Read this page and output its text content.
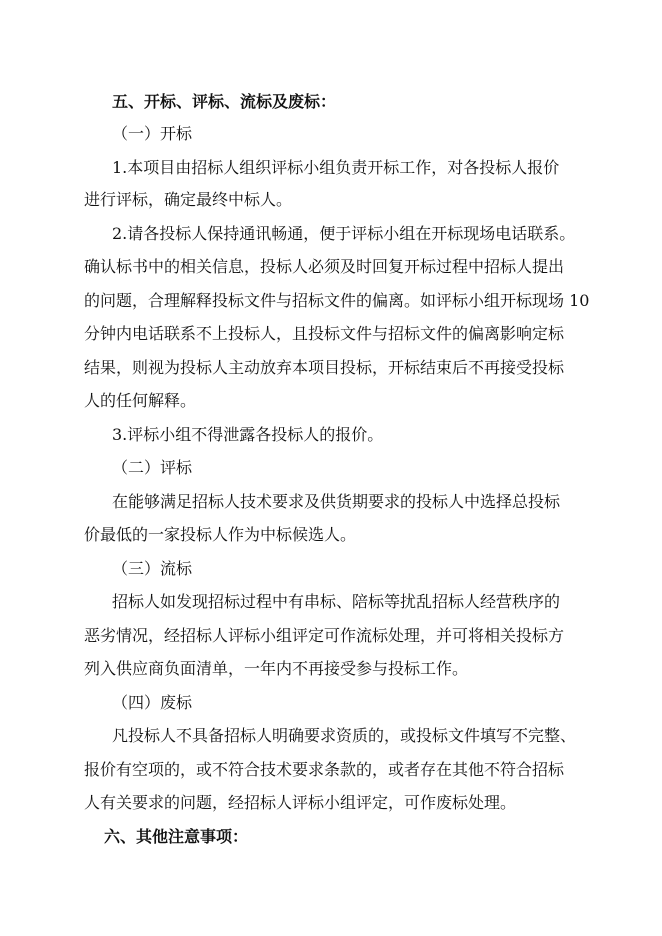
五、开标、评标、流标及废标：
（一）开标
1.本项目由招标人组织评标小组负责开标工作，对各投标人报价
进行评标，确定最终中标人。
2.请各投标人保持通讯畅通，便于评标小组在开标现场电话联系。
确认标书中的相关信息，投标人必须及时回复开标过程中招标人提出
的问题，合理解释投标文件与招标文件的偏离。如评标小组开标现场 10
分钟内电话联系不上投标人，且投标文件与招标文件的偏离影响定标
结果，则视为投标人主动放弃本项目投标，开标结束后不再接受投标
人的任何解释。
3.评标小组不得泄露各投标人的报价。
（二）评标
在能够满足招标人技术要求及供货期要求的投标人中选择总投标
价最低的一家投标人作为中标候选人。
（三）流标
招标人如发现招标过程中有串标、陪标等扰乱招标人经营秩序的
恶劣情况，经招标人评标小组评定可作流标处理，并可将相关投标方
列入供应商负面清单，一年内不再接受参与投标工作。
（四）废标
凡投标人不具备招标人明确要求资质的，或投标文件填写不完整、
报价有空项的，或不符合技术要求条款的，或者存在其他不符合招标
人有关要求的问题，经招标人评标小组评定，可作废标处理。
六、其他注意事项：
